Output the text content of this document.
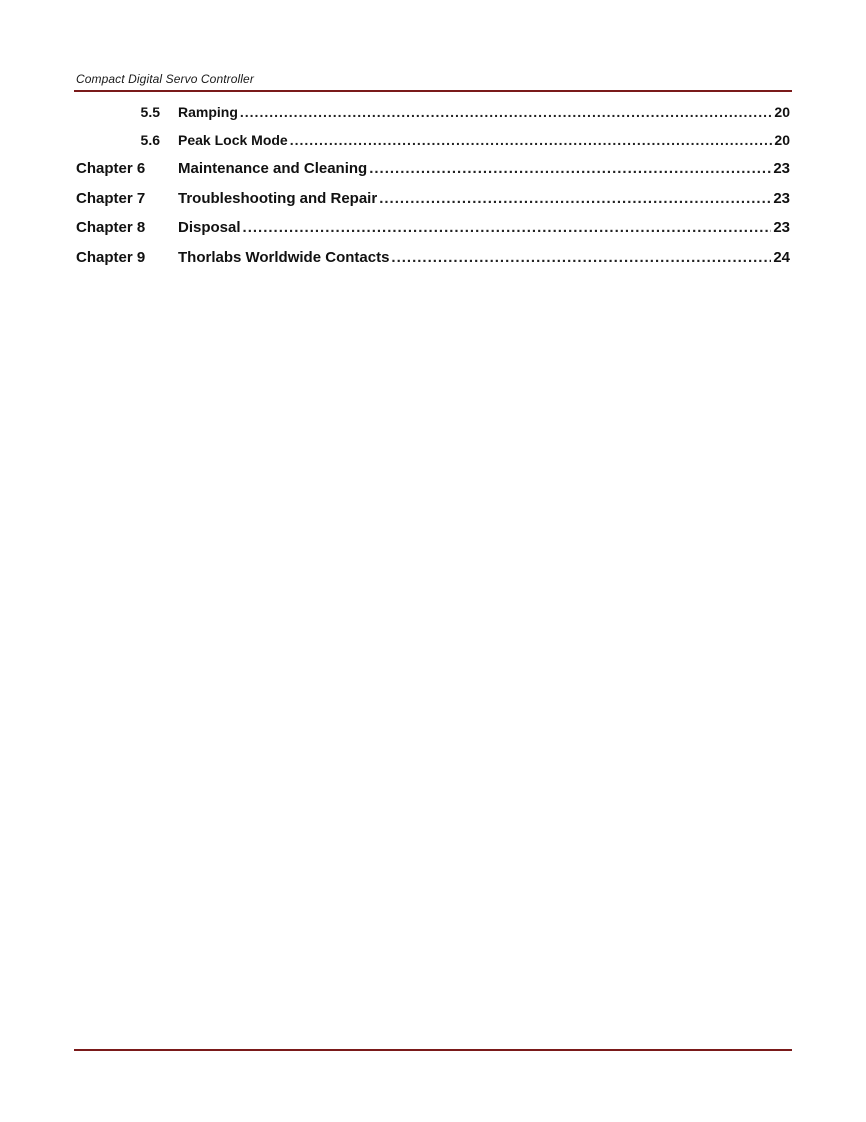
Compact Digital Servo Controller
5.5 Ramping .....	20
5.6 Peak Lock Mode .....	20
Chapter 6	Maintenance and Cleaning .....	23
Chapter 7	Troubleshooting and Repair .....	23
Chapter 8	Disposal .....	23
Chapter 9	Thorlabs Worldwide Contacts .....	24
